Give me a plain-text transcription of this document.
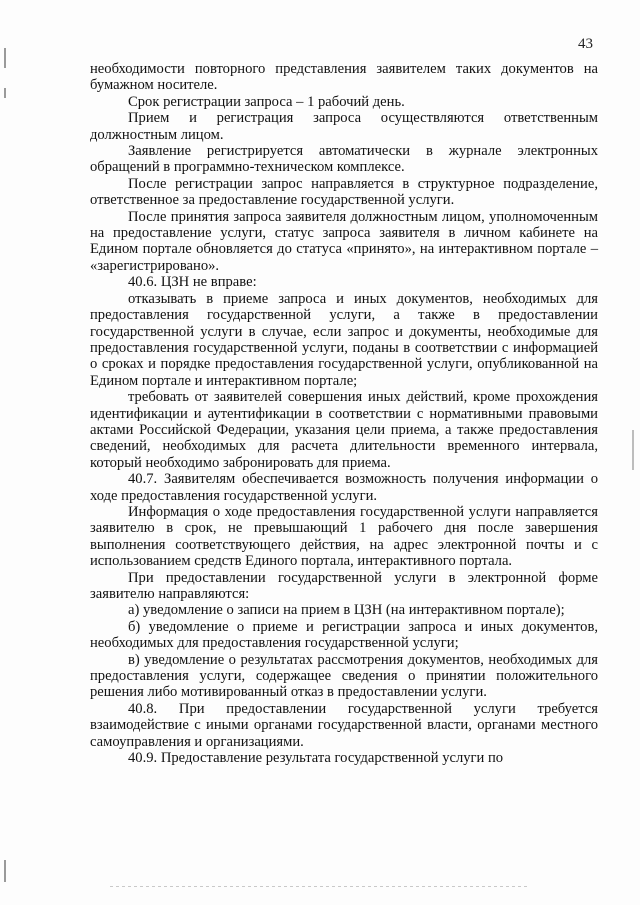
43

необходимости повторного представления заявителем таких документов на бумажном носителе.

Срок регистрации запроса – 1 рабочий день.

Прием и регистрация запроса осуществляются ответственным должностным лицом.

Заявление регистрируется автоматически в журнале электронных обращений в программно-техническом комплексе.

После регистрации запрос направляется в структурное подразделение, ответственное за предоставление государственной услуги.

После принятия запроса заявителя должностным лицом, уполномоченным на предоставление услуги, статус запроса заявителя в личном кабинете на Едином портале обновляется до статуса «принято», на интерактивном портале – «зарегистрировано».

40.6. ЦЗН не вправе:

отказывать в приеме запроса и иных документов, необходимых для предоставления государственной услуги, а также в предоставлении государственной услуги в случае, если запрос и документы, необходимые для предоставления государственной услуги, поданы в соответствии с информацией о сроках и порядке предоставления государственной услуги, опубликованной на Едином портале и интерактивном портале;

требовать от заявителей совершения иных действий, кроме прохождения идентификации и аутентификации в соответствии с нормативными правовыми актами Российской Федерации, указания цели приема, а также предоставления сведений, необходимых для расчета длительности временного интервала, который необходимо забронировать для приема.

40.7. Заявителям обеспечивается возможность получения информации о ходе предоставления государственной услуги.

Информация о ходе предоставления государственной услуги направляется заявителю в срок, не превышающий 1 рабочего дня после завершения выполнения соответствующего действия, на адрес электронной почты и с использованием средств Единого портала, интерактивного портала.

При предоставлении государственной услуги в электронной форме заявителю направляются:

а) уведомление о записи на прием в ЦЗН (на интерактивном портале);

б) уведомление о приеме и регистрации запроса и иных документов, необходимых для предоставления государственной услуги;

в) уведомление о результатах рассмотрения документов, необходимых для предоставления услуги, содержащее сведения о принятии положительного решения либо мотивированный отказ в предоставлении услуги.

40.8. При предоставлении государственной услуги требуется взаимодействие с иными органами государственной власти, органами местного самоуправления и организациями.

40.9. Предоставление результата государственной услуги по
